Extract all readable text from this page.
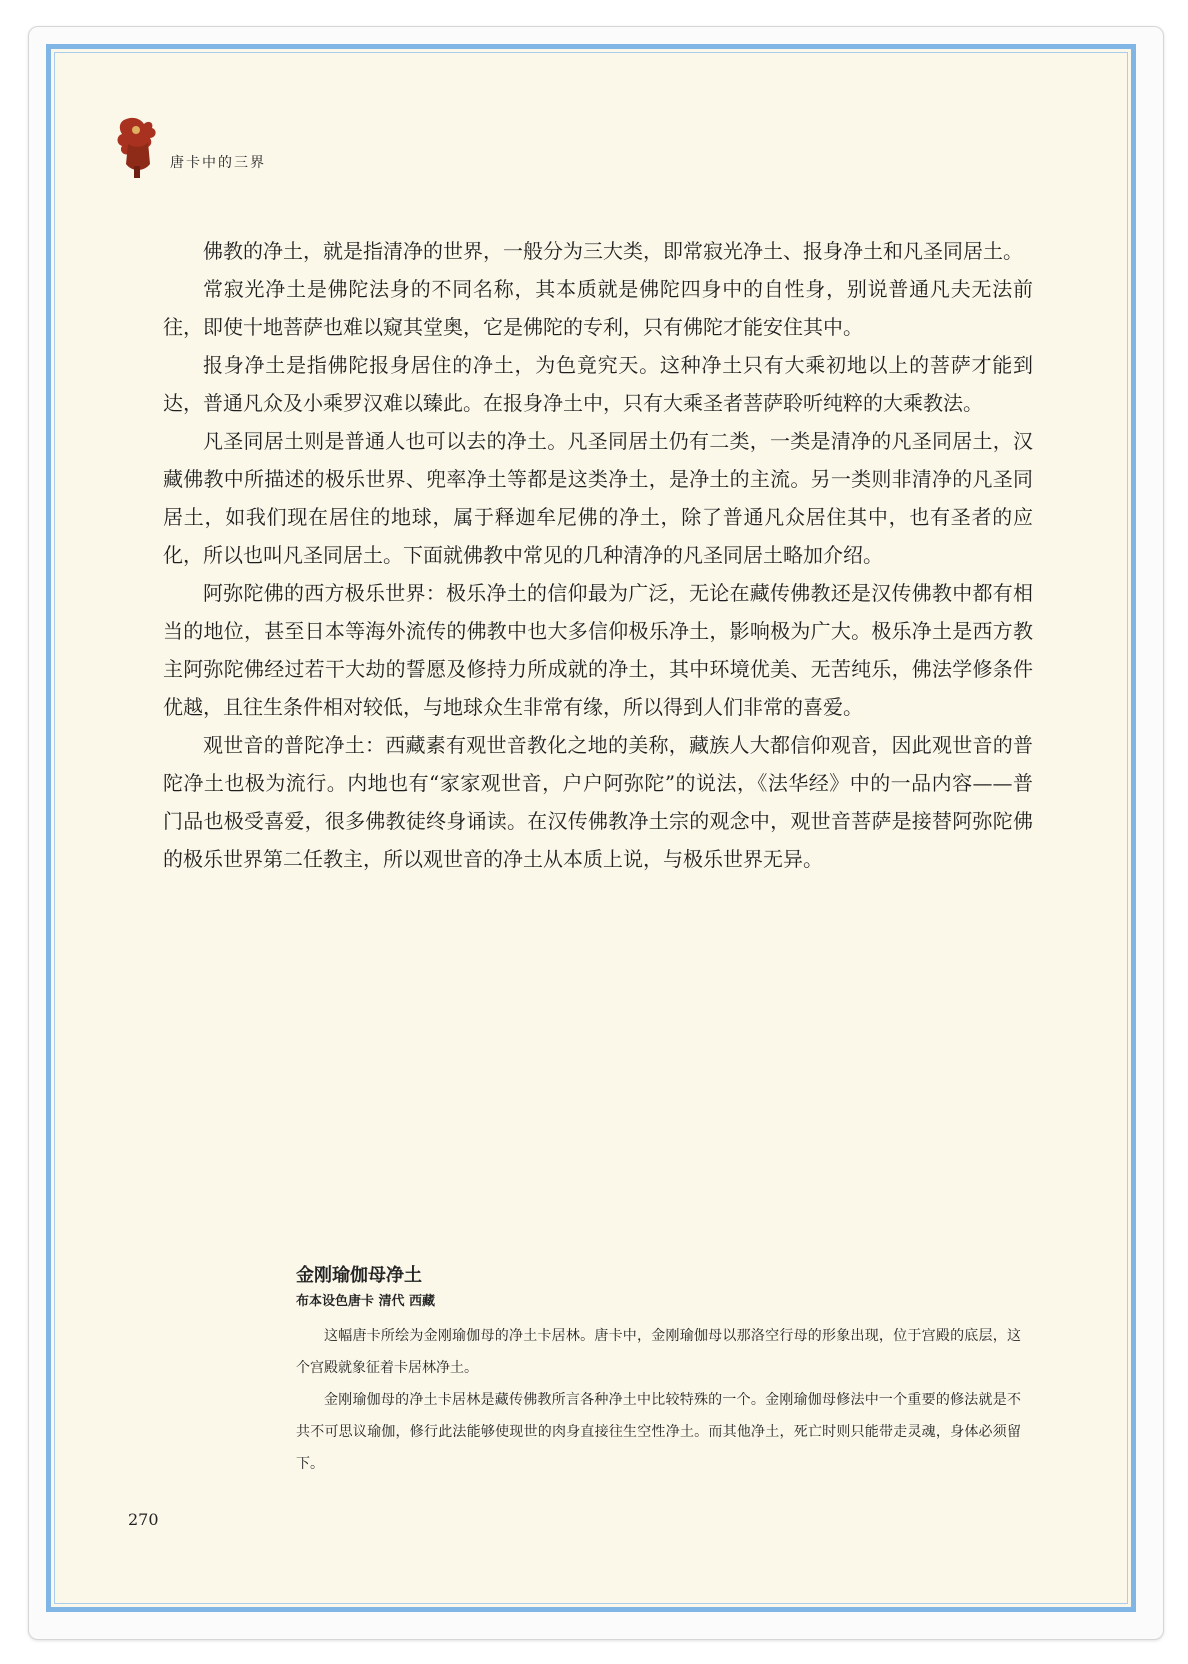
唐卡中的三界

佛教的净土，就是指清净的世界，一般分为三大类，即常寂光净土、报身净土和凡圣同居土。

常寂光净土是佛陀法身的不同名称，其本质就是佛陀四身中的自性身，别说普通凡夫无法前往，即使十地菩萨也难以窥其堂奥，它是佛陀的专利，只有佛陀才能安住其中。

报身净土是指佛陀报身居住的净土，为色竟究天。这种净土只有大乘初地以上的菩萨才能到达，普通凡众及小乘罗汉难以臻此。在报身净土中，只有大乘圣者菩萨聆听纯粹的大乘教法。

凡圣同居土则是普通人也可以去的净土。凡圣同居土仍有二类，一类是清净的凡圣同居土，汉藏佛教中所描述的极乐世界、兜率净土等都是这类净土，是净土的主流。另一类则非清净的凡圣同居土，如我们现在居住的地球，属于释迦牟尼佛的净土，除了普通凡众居住其中，也有圣者的应化，所以也叫凡圣同居土。下面就佛教中常见的几种清净的凡圣同居土略加介绍。

阿弥陀佛的西方极乐世界：极乐净土的信仰最为广泛，无论在藏传佛教还是汉传佛教中都有相当的地位，甚至日本等海外流传的佛教中也大多信仰极乐净土，影响极为广大。极乐净土是西方教主阿弥陀佛经过若干大劫的誓愿及修持力所成就的净土，其中环境优美、无苦纯乐，佛法学修条件优越，且往生条件相对较低，与地球众生非常有缘，所以得到人们非常的喜爱。

观世音的普陀净土：西藏素有观世音教化之地的美称，藏族人大都信仰观音，因此观世音的普陀净土也极为流行。内地也有“家家观世音，户户阿弥陀”的说法，《法华经》中的一品内容——普门品也极受喜爱，很多佛教徒终身诵读。在汉传佛教净土宗的观念中，观世音菩萨是接替阿弥陀佛的极乐世界第二任教主，所以观世音的净土从本质上说，与极乐世界无异。

金刚瑜伽母净土
布本设色唐卡 清代 西藏

这幅唐卡所绘为金刚瑜伽母的净土卡居林。唐卡中，金刚瑜伽母以那洛空行母的形象出现，位于宫殿的底层，这个宫殿就象征着卡居林净土。

金刚瑜伽母的净土卡居林是藏传佛教所言各种净土中比较特殊的一个。金刚瑜伽母修法中一个重要的修法就是不共不可思议瑜伽，修行此法能够使现世的肉身直接往生空性净土。而其他净土，死亡时则只能带走灵魂，身体必须留下。

270
